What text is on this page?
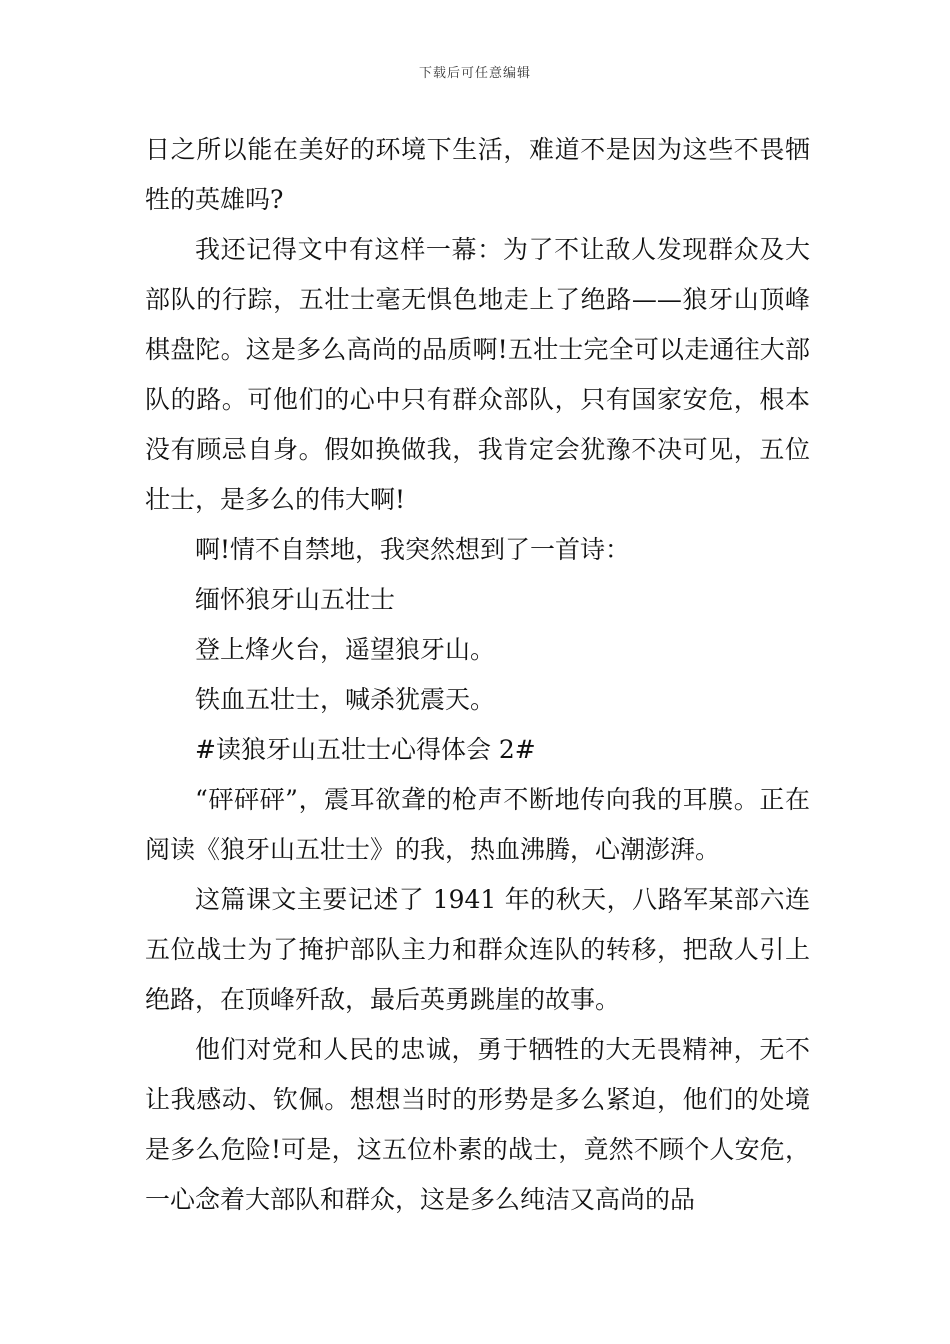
下载后可任意编辑

日之所以能在美好的环境下生活，难道不是因为这些不畏牺牲的英雄吗?

我还记得文中有这样一幕：为了不让敌人发现群众及大部队的行踪，五壮士毫无惧色地走上了绝路——狼牙山顶峰棋盘陀。这是多么高尚的品质啊!五壮士完全可以走通往大部队的路。可他们的心中只有群众部队，只有国家安危，根本没有顾忌自身。假如换做我，我肯定会犹豫不决可见，五位壮士，是多么的伟大啊!

啊!情不自禁地，我突然想到了一首诗：

缅怀狼牙山五壮士

登上烽火台，遥望狼牙山。

铁血五壮士，喊杀犹震天。

#读狼牙山五壮士心得体会 2#

“砰砰砰”，震耳欲聋的枪声不断地传向我的耳膜。正在阅读《狼牙山五壮士》的我，热血沸腾，心潮澎湃。

这篇课文主要记述了 1941 年的秋天，八路军某部六连五位战士为了掩护部队主力和群众连队的转移，把敌人引上绝路，在顶峰歼敌，最后英勇跳崖的故事。

他们对党和人民的忠诚，勇于牺牲的大无畏精神，无不让我感动、钦佩。想想当时的形势是多么紧迫，他们的处境是多么危险!可是，这五位朴素的战士，竟然不顾个人安危，一心念着大部队和群众，这是多么纯洁又高尚的品
